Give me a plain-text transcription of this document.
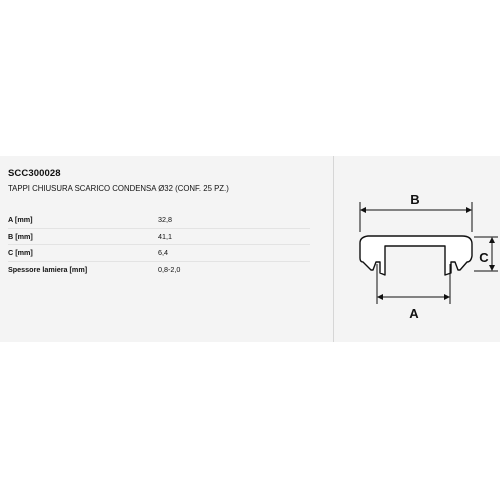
SCC300028
TAPPI CHIUSURA SCARICO CONDENSA Ø32 (CONF. 25 PZ.)
A [mm]	32,8
B [mm]	41,1
C [mm]	6,4
Spessore lamiera [mm]	0,8-2,0
B
C
A
